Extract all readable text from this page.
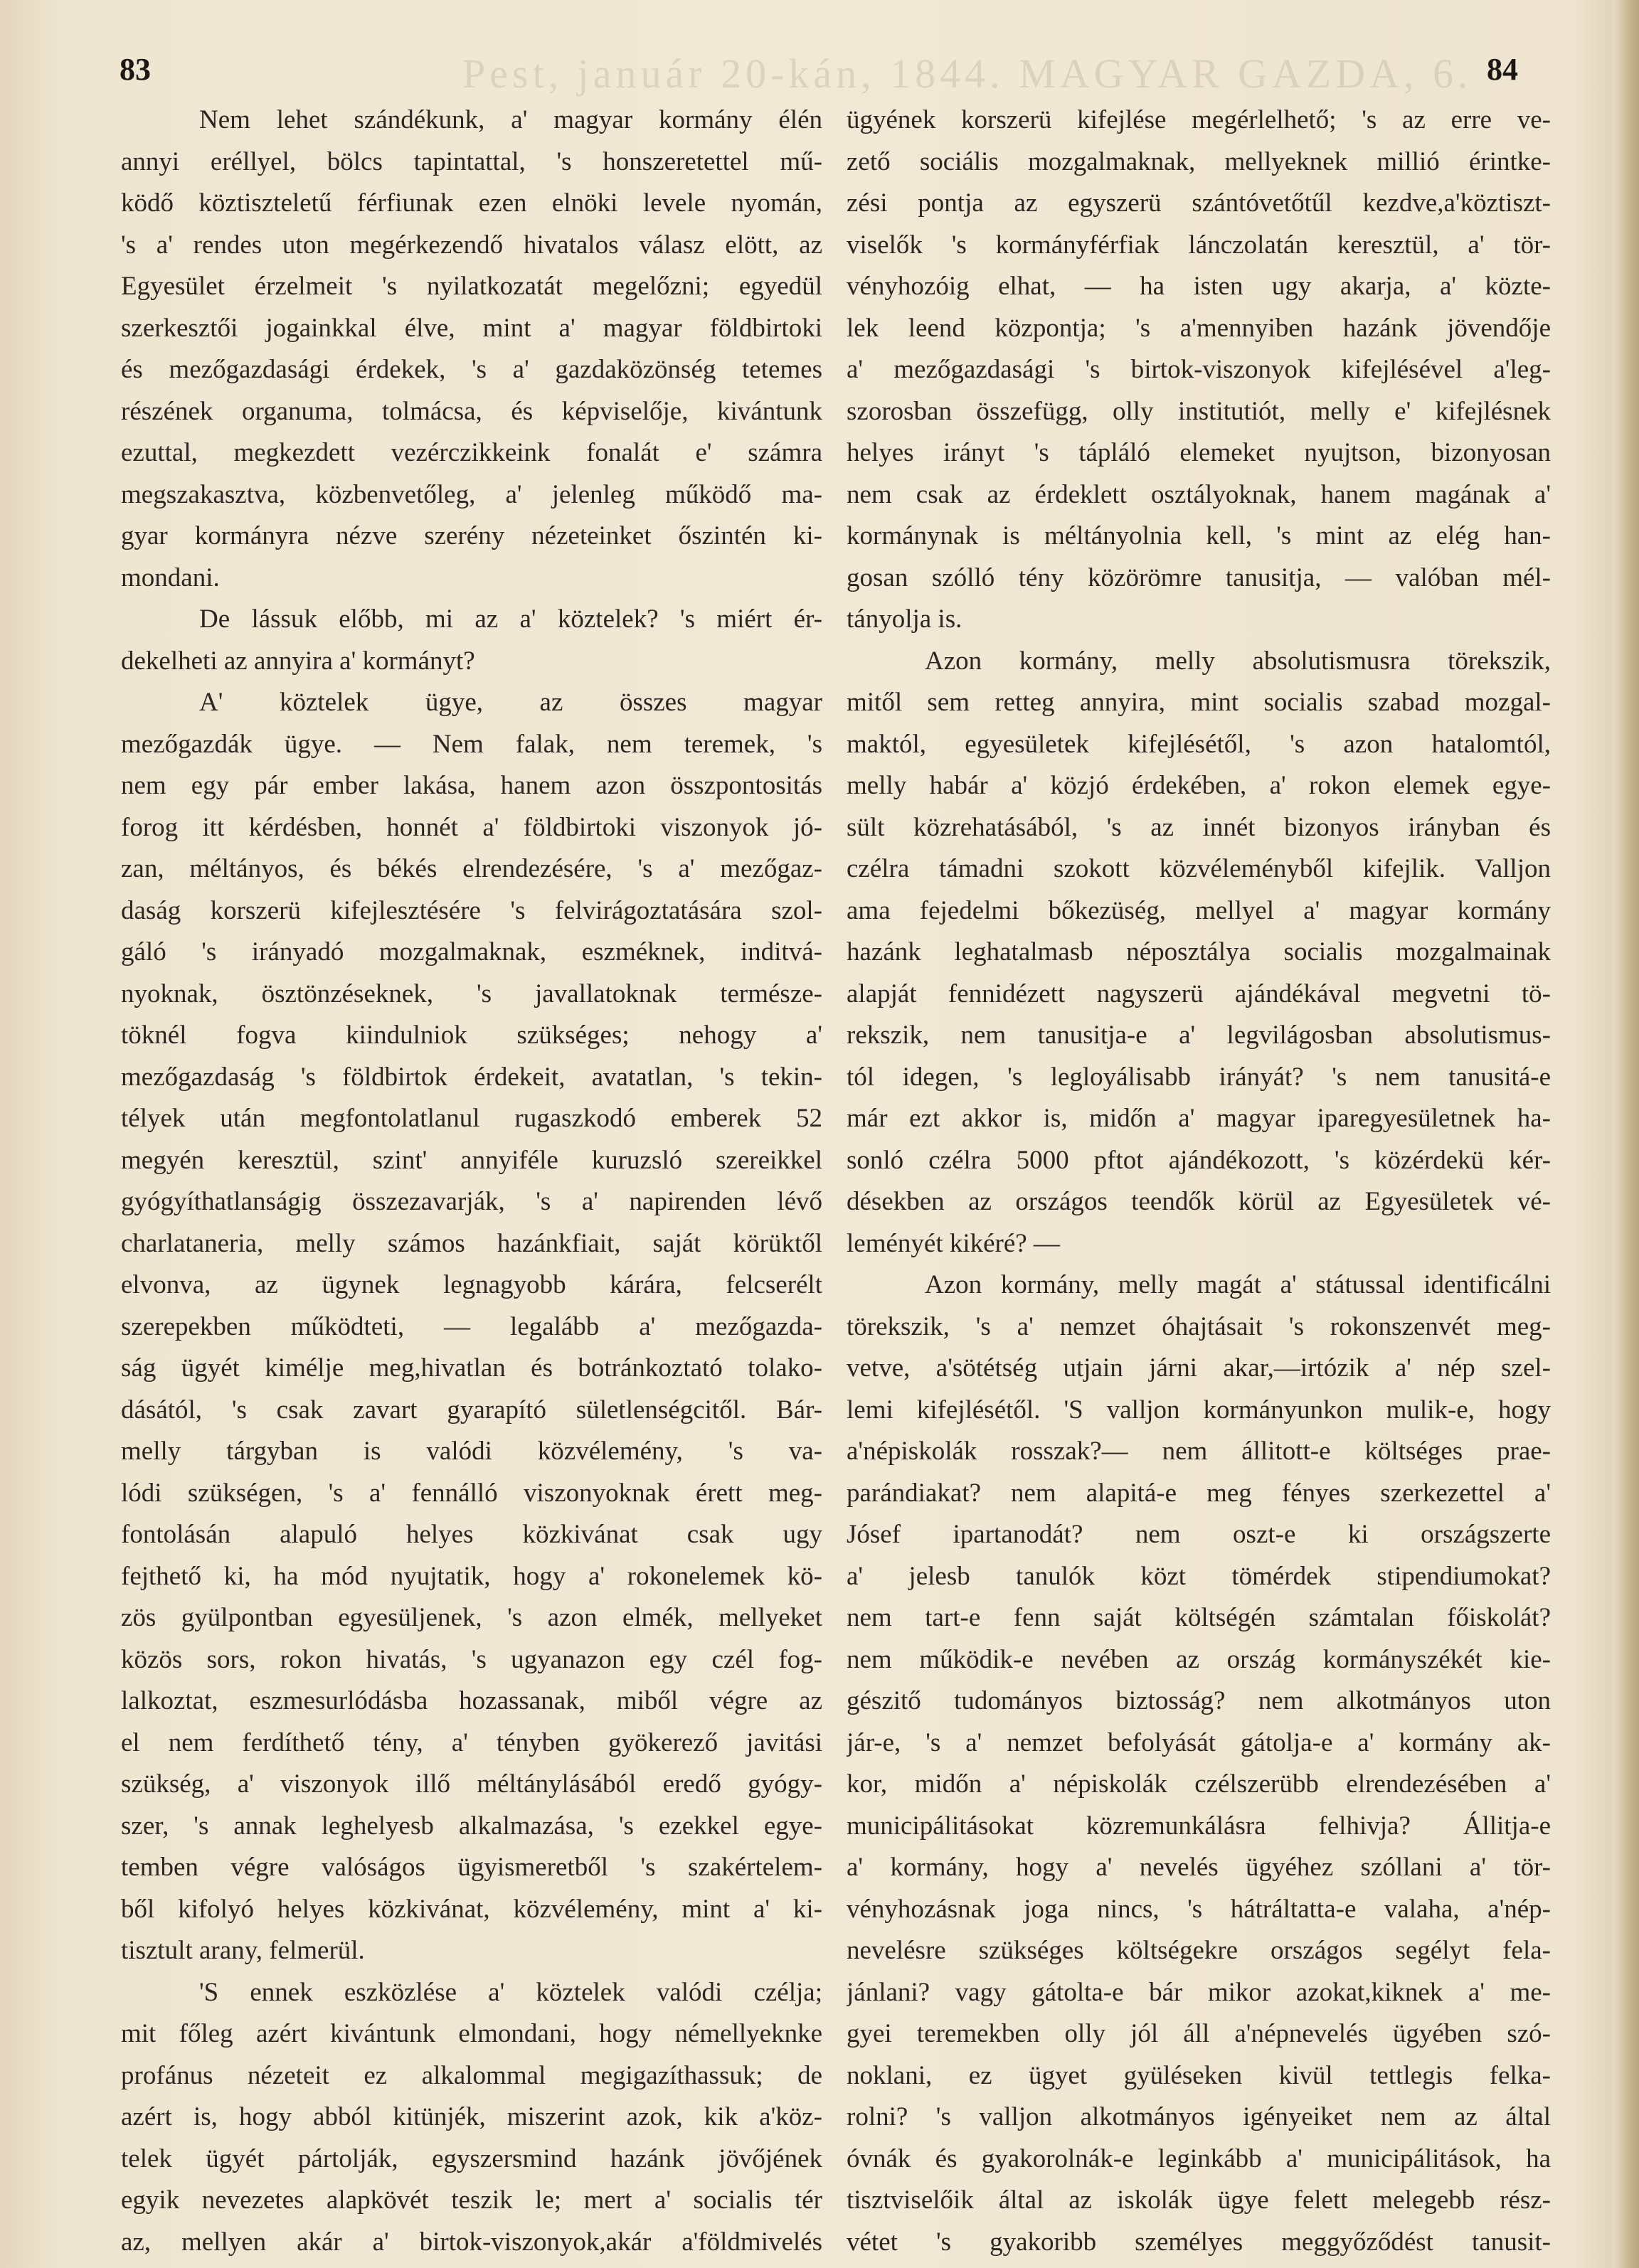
Pest, január 20-kán, 1844. MAGYAR GAZDA, 6.
83	84
Nem lehet szándékunk, a' magyar kormány élén
annyi eréllyel, bölcs tapintattal, 's honszeretettel mű-
ködő köztiszteletű férfiunak ezen elnöki levele nyomán,
's a' rendes uton megérkezendő hivatalos válasz elött, az
Egyesület érzelmeit 's nyilatkozatát megelőzni; egyedül
szerkesztői jogainkkal élve, mint a' magyar földbirtoki
és mezőgazdasági érdekek, 's a' gazdaközönség tetemes
részének organuma, tolmácsa, és képviselője, kivántunk
ezuttal, megkezdett vezérczikkeink fonalát e' számra
megszakasztva, közbenvetőleg, a' jelenleg működő ma-
gyar kormányra nézve szerény nézeteinket őszintén ki-
mondani.
De lássuk előbb, mi az a' köztelek? 's miért ér-
dekelheti az annyira a' kormányt?
A' köztelek ügye, az összes magyar
mezőgazdák ügye. — Nem falak, nem teremek, 's
nem egy pár ember lakása, hanem azon összpontositás
forog itt kérdésben, honnét a' földbirtoki viszonyok jó-
zan, méltányos, és békés elrendezésére, 's a' mezőgaz-
daság korszerü kifejlesztésére 's felvirágoztatására szol-
gáló 's irányadó mozgalmaknak, eszméknek, inditvá-
nyoknak, ösztönzéseknek, 's javallatoknak természe-
töknél fogva kiindulniok szükséges; nehogy a'
mezőgazdaság 's földbirtok érdekeit, avatatlan, 's tekin-
télyek után megfontolatlanul rugaszkodó emberek 52
megyén keresztül, szint' annyiféle kuruzsló szereikkel
gyógyíthatlanságig összezavarják, 's a' napirenden lévő
charlataneria, melly számos hazánkfiait, saját körüktől
elvonva, az ügynek legnagyobb kárára, felcserélt
szerepekben működteti, — legalább a' mezőgazda-
ság ügyét kimélje meg,hivatlan és botránkoztató tolako-
dásától, 's csak zavart gyarapító sületlenségcitől. Bár-
melly tárgyban is valódi közvélemény, 's va-
lódi szükségen, 's a' fennálló viszonyoknak érett meg-
fontolásán alapuló helyes közkivánat csak ugy
fejthető ki, ha mód nyujtatik, hogy a' rokonelemek kö-
zös gyülpontban egyesüljenek, 's azon elmék, mellyeket
közös sors, rokon hivatás, 's ugyanazon egy czél fog-
lalkoztat, eszmesurlódásba hozassanak, miből végre az
el nem ferdíthető tény, a' tényben gyökerező javitási
szükség, a' viszonyok illő méltánylásából eredő gyógy-
szer, 's annak leghelyesb alkalmazása, 's ezekkel egye-
temben végre valóságos ügyismeretből 's szakértelem-
ből kifolyó helyes közkivánat, közvélemény, mint a' ki-
tisztult arany, felmerül.
'S ennek eszközlése a' köztelek valódi czélja;
mit főleg azért kivántunk elmondani, hogy némellyeknke
profánus nézeteit ez alkalommal megigazíthassuk; de
azért is, hogy abból kitünjék, miszerint azok, kik a'köz-
telek ügyét pártolják, egyszersmind hazánk jövőjének
egyik nevezetes alapkövét teszik le; mert a' socialis tér
az, mellyen akár a' birtok-viszonyok,akár a'földmivelés
ügyének korszerü kifejlése megérlelhető; 's az erre ve-
zető sociális mozgalmaknak, mellyeknek millió érintke-
zési pontja az egyszerü szántóvetőtűl kezdve,a'köztiszt-
viselők 's kormányférfiak lánczolatán keresztül, a' tör-
vényhozóig elhat, — ha isten ugy akarja, a' közte-
lek leend központja; 's a'mennyiben hazánk jövendője
a' mezőgazdasági 's birtok-viszonyok kifejlésével a'leg-
szorosban összefügg, olly institutiót, melly e' kifejlésnek
helyes irányt 's tápláló elemeket nyujtson, bizonyosan
nem csak az érdeklett osztályoknak, hanem magának a'
kormánynak is méltányolnia kell, 's mint az elég han-
gosan szólló tény közörömre tanusitja, — valóban mél-
tányolja is.
Azon kormány, melly absolutismusra törekszik,
mitől sem retteg annyira, mint socialis szabad mozgal-
maktól, egyesületek kifejlésétől, 's azon hatalomtól,
melly habár a' közjó érdekében, a' rokon elemek egye-
sült közrehatásából, 's az innét bizonyos irányban és
czélra támadni szokott közvéleményből kifejlik. Valljon
ama fejedelmi bőkezüség, mellyel a' magyar kormány
hazánk leghatalmasb néposztálya socialis mozgalmainak
alapját fennidézett nagyszerü ajándékával megvetni tö-
rekszik, nem tanusitja-e a' legvilágosban absolutismus-
tól idegen, 's legloyálisabb irányát? 's nem tanusitá-e
már ezt akkor is, midőn a' magyar iparegyesületnek ha-
sonló czélra 5000 pftot ajándékozott, 's közérdekü kér-
désekben az országos teendők körül az Egyesületek vé-
leményét kikéré? —
Azon kormány, melly magát a' státussal identificálni
törekszik, 's a' nemzet óhajtásait 's rokonszenvét meg-
vetve, a'sötétség utjain járni akar,—irtózik a' nép szel-
lemi kifejlésétől. 'S valljon kormányunkon mulik-e, hogy
a'népiskolák rosszak?— nem állitott-e költséges prae-
parándiakat? nem alapitá-e meg fényes szerkezettel a'
Jósef ipartanodát? nem oszt-e ki országszerte
a' jelesb tanulók közt tömérdek stipendiumokat?
nem tart-e fenn saját költségén számtalan főiskolát?
nem működik-e nevében az ország kormányszékét kie-
gészitő tudományos biztosság? nem alkotmányos uton
jár-e, 's a' nemzet befolyását gátolja-e a' kormány ak-
kor, midőn a' népiskolák czélszerübb elrendezésében a'
municipálitásokat közremunkálásra felhivja? Állitja-e
a' kormány, hogy a' nevelés ügyéhez szóllani a' tör-
vényhozásnak joga nincs, 's hátráltatta-e valaha, a'nép-
nevelésre szükséges költségekre országos segélyt fela-
jánlani? vagy gátolta-e bár mikor azokat,kiknek a' me-
gyei teremekben olly jól áll a'népnevelés ügyében szó-
noklani, ez ügyet gyüléseken kivül tettlegis felka-
rolni? 's valljon alkotmányos igényeiket nem az által
óvnák és gyakorolnák-e leginkább a' municipálitások, ha
tisztviselőik által az iskolák ügye felett melegebb rész-
vétet 's gyakoribb személyes meggyőződést tanusit-
